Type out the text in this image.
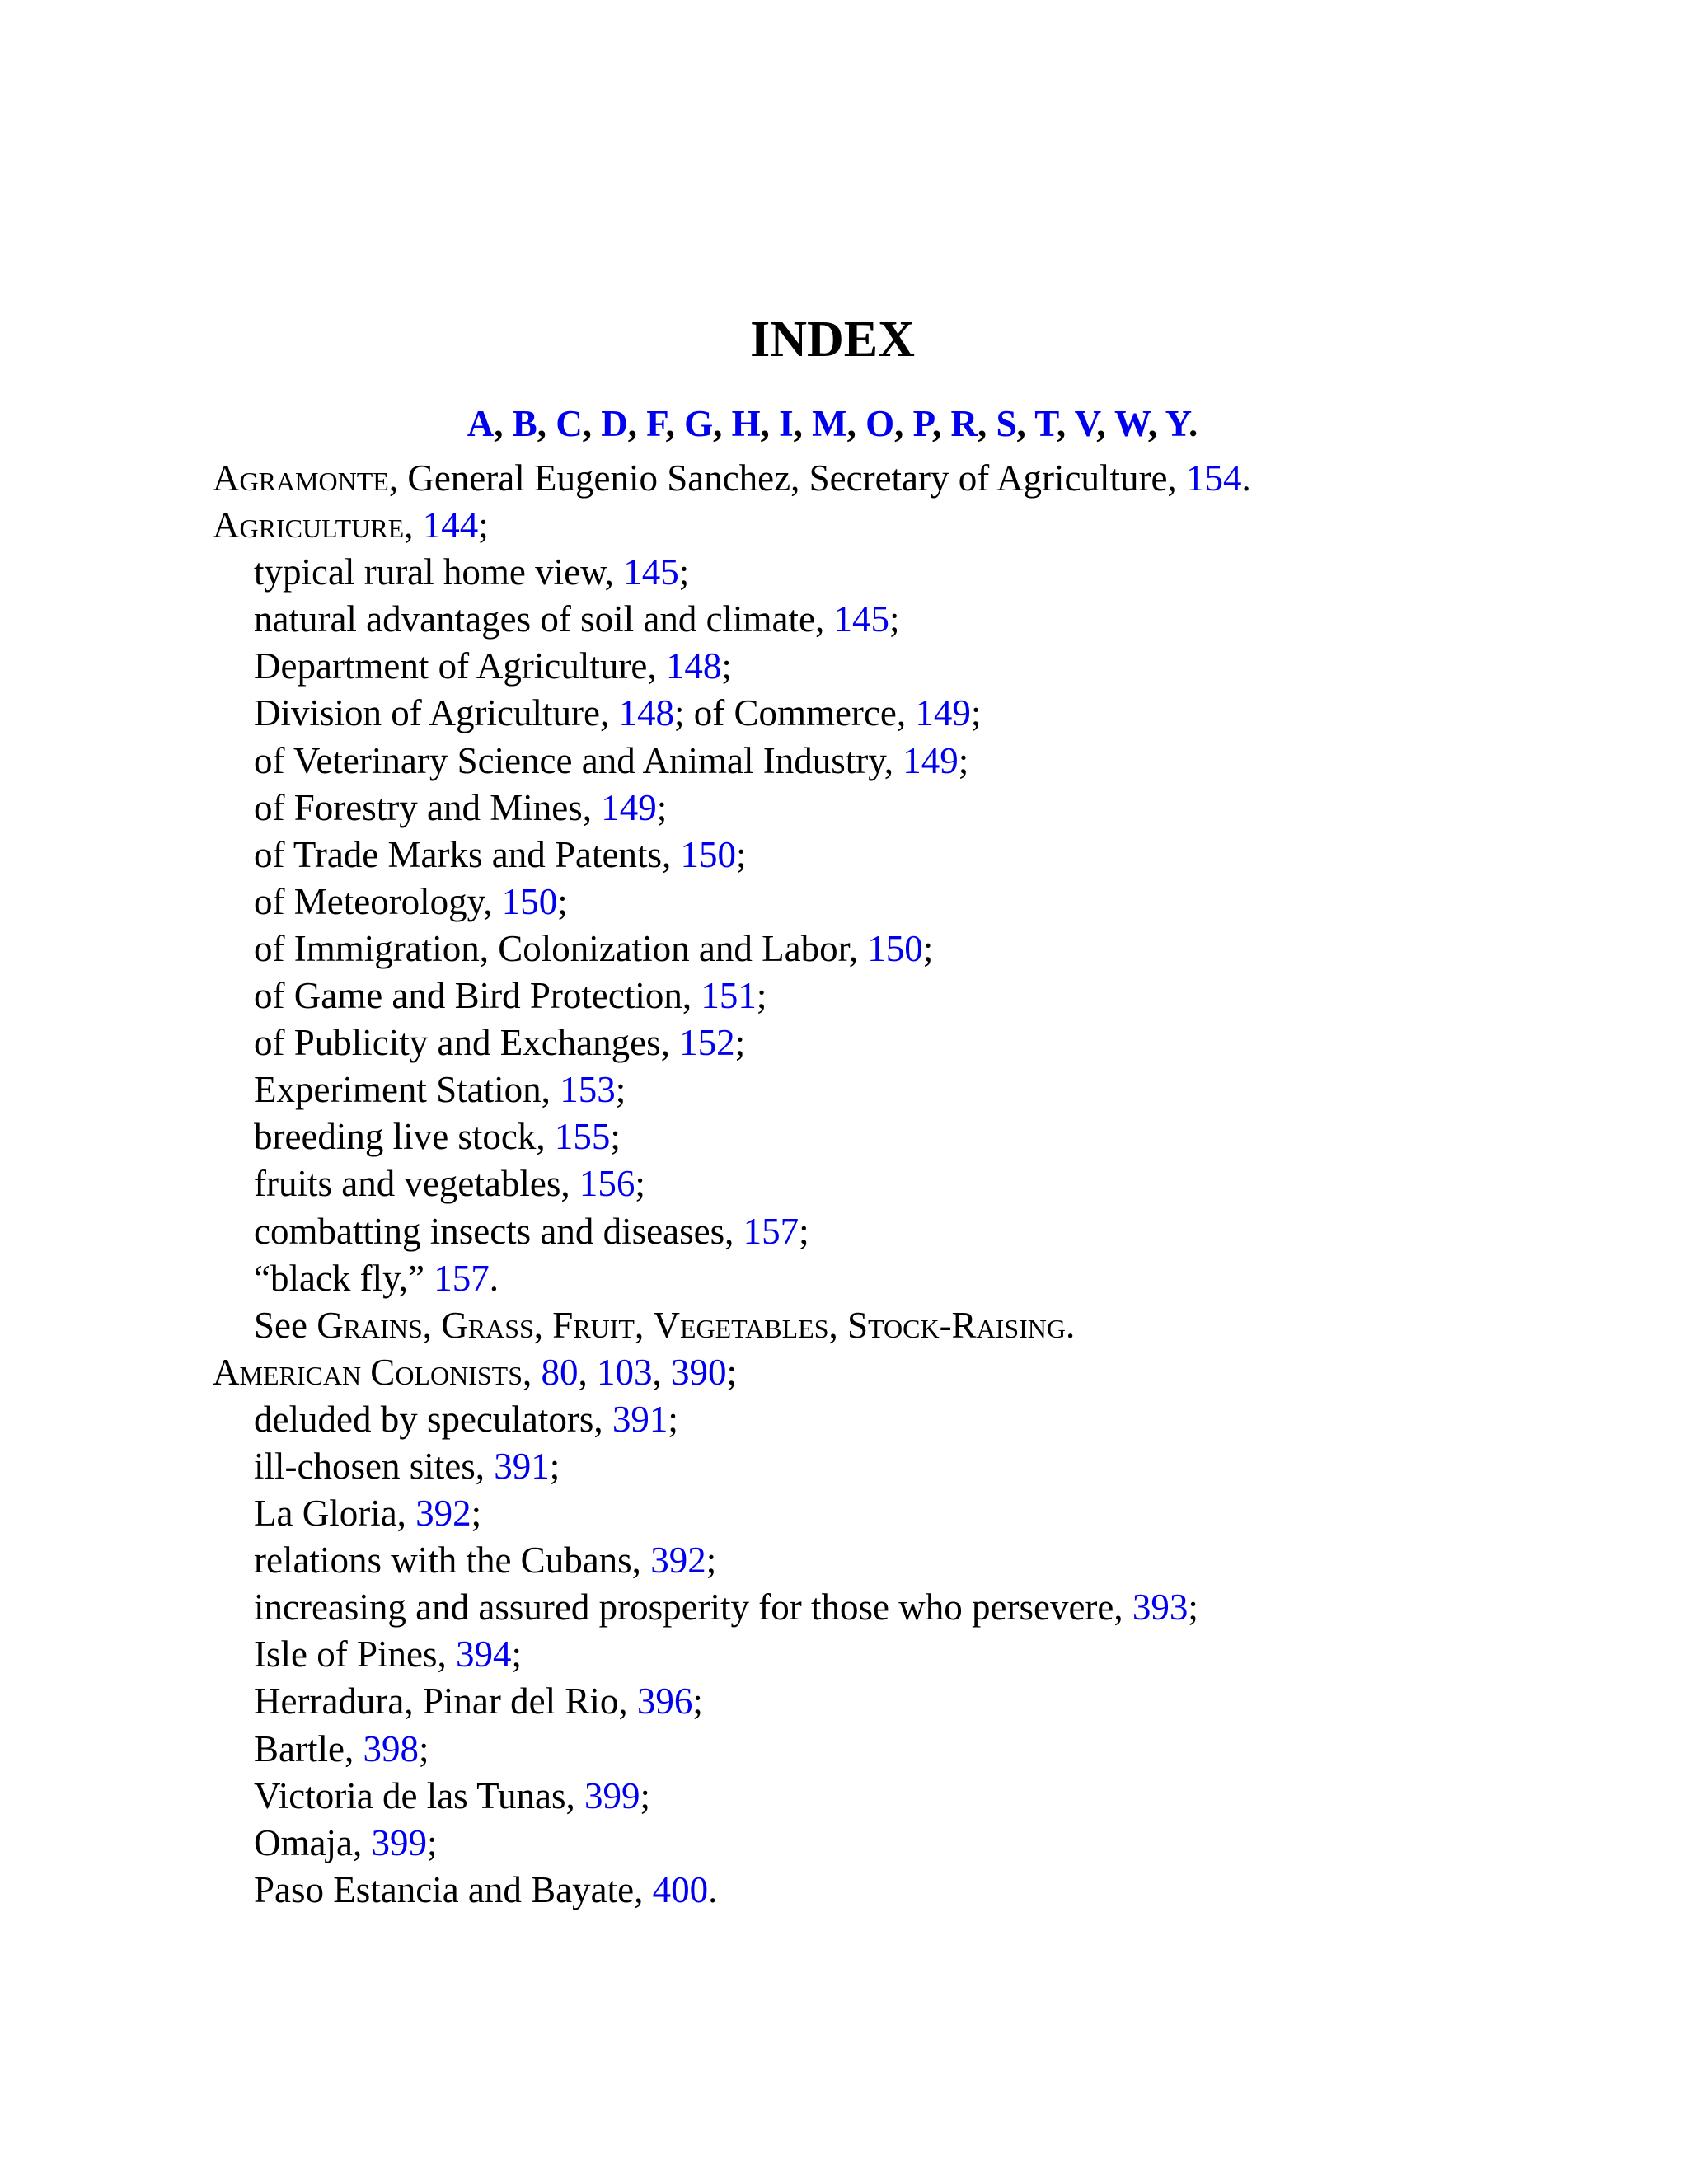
INDEX
A, B, C, D, F, G, H, I, M, O, P, R, S, T, V, W, Y.
Agramonte, General Eugenio Sanchez, Secretary of Agriculture, 154.
Agriculture, 144;
typical rural home view, 145;
natural advantages of soil and climate, 145;
Department of Agriculture, 148;
Division of Agriculture, 148; of Commerce, 149;
of Veterinary Science and Animal Industry, 149;
of Forestry and Mines, 149;
of Trade Marks and Patents, 150;
of Meteorology, 150;
of Immigration, Colonization and Labor, 150;
of Game and Bird Protection, 151;
of Publicity and Exchanges, 152;
Experiment Station, 153;
breeding live stock, 155;
fruits and vegetables, 156;
combatting insects and diseases, 157;
“black fly,” 157.
See Grains, Grass, Fruit, Vegetables, Stock-Raising.
American Colonists, 80, 103, 390;
deluded by speculators, 391;
ill-chosen sites, 391;
La Gloria, 392;
relations with the Cubans, 392;
increasing and assured prosperity for those who persevere, 393;
Isle of Pines, 394;
Herradura, Pinar del Rio, 396;
Bartle, 398;
Victoria de las Tunas, 399;
Omaja, 399;
Paso Estancia and Bayate, 400.
